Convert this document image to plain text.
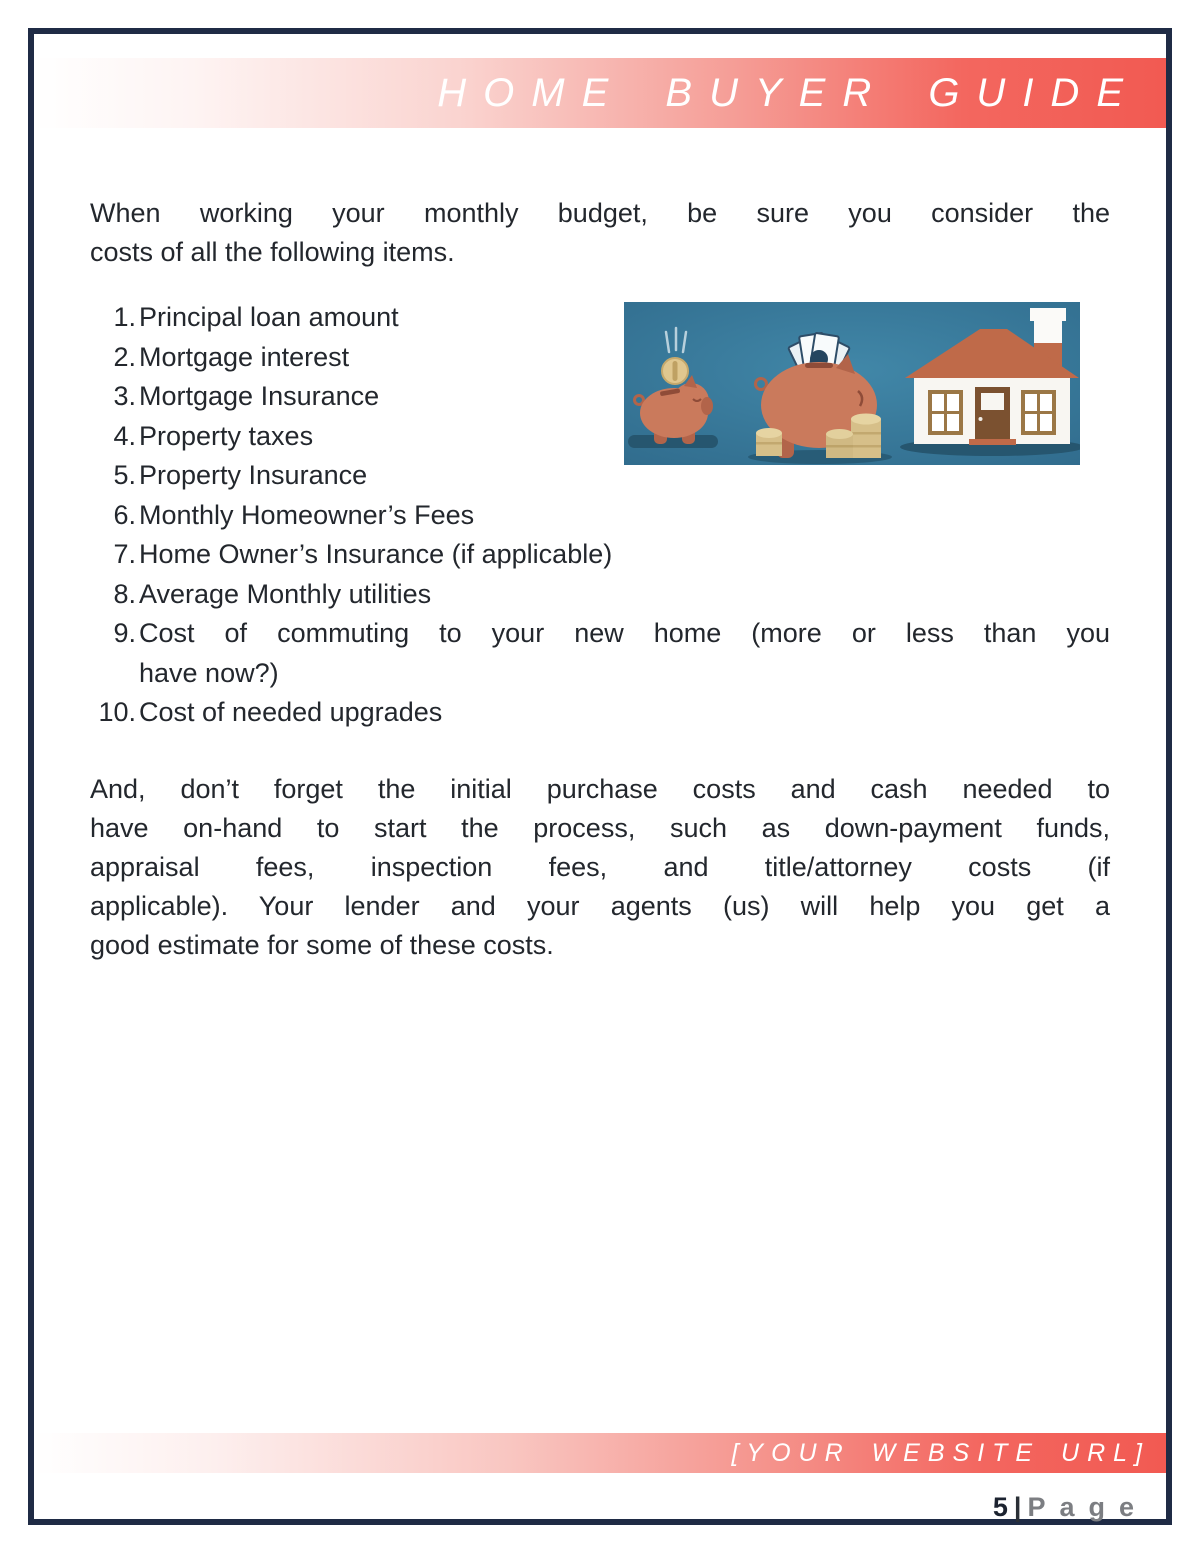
HOME BUYER GUIDE

When working your monthly budget, be sure you consider the
costs of all the following items.

1. Principal loan amount
2. Mortgage interest
3. Mortgage Insurance
4. Property taxes
5. Property Insurance
6. Monthly Homeowner’s Fees
7. Home Owner’s Insurance (if applicable)
8. Average Monthly utilities
9. Cost of commuting to your new home (more or less than you
have now?)
10. Cost of needed upgrades

And, don’t forget the initial purchase costs and cash needed to
have on-hand to start the process, such as down-payment funds,
appraisal fees, inspection fees, and title/attorney costs (if
applicable). Your lender and your agents (us) will help you get a
good estimate for some of these costs.

[YOUR WEBSITE URL]
5 | Page
